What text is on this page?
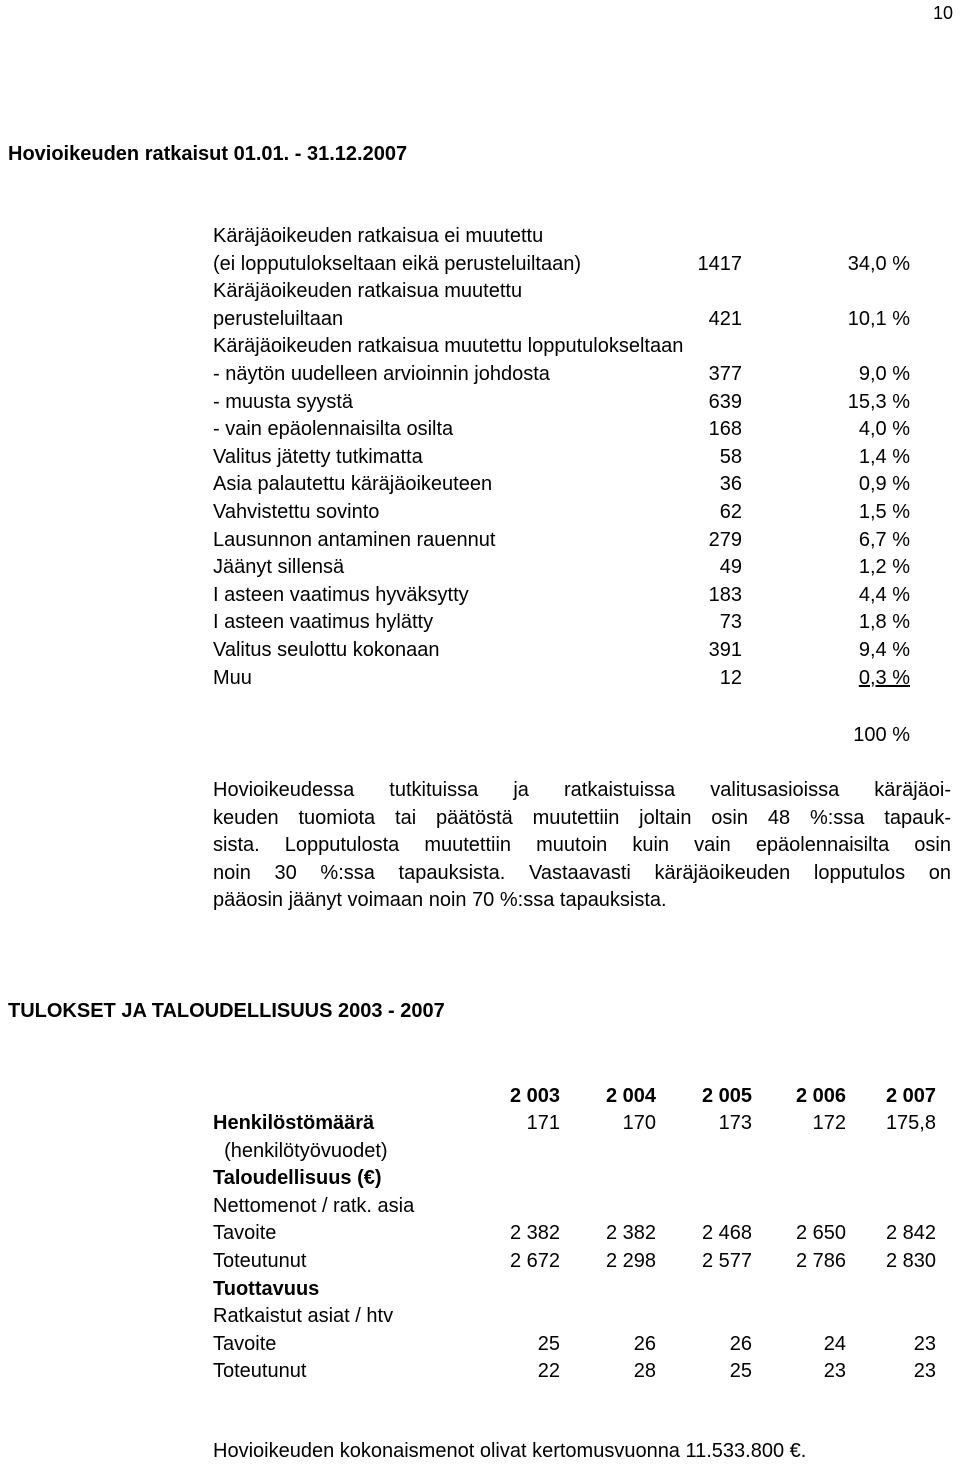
10
Hovioikeuden ratkaisut 01.01. - 31.12.2007
Käräjäoikeuden ratkaisua ei muutettu
(ei lopputulokseltaan eikä perusteluiltaan)	1417	34,0 %
Käräjäoikeuden ratkaisua muutettu
perusteluiltaan	421	10,1 %
Käräjäoikeuden ratkaisua muutettu lopputulokseltaan
- näytön uudelleen arvioinnin johdosta	377	9,0 %
- muusta syystä	639	15,3 %
- vain epäolennaisilta osilta	168	4,0 %
Valitus jätetty tutkimatta	58	1,4 %
Asia palautettu käräjäoikeuteen	36	0,9 %
Vahvistettu sovinto	62	1,5 %
Lausunnon antaminen rauennut	279	6,7 %
Jäänyt sillensä	49	1,2 %
I asteen vaatimus hyväksytty	183	4,4 %
I asteen vaatimus hylätty	73	1,8 %
Valitus seulottu kokonaan	391	9,4 %
Muu	12	0,3 %
100 %

Hovioikeudessa tutkituissa ja ratkaistuissa valitusasioissa käräjäoi-

keuden tuomiota tai päätöstä muutettiin joltain osin 48 %:ssa tapauk-

sista. Lopputulosta muutettiin muutoin kuin vain epäolennaisilta osin

noin 30 %:ssa tapauksista. Vastaavasti käräjäoikeuden lopputulos on

pääosin jäänyt voimaan noin 70 %:ssa tapauksista.

TULOKSET JA TALOUDELLISUUS 2003 - 2007
2 003	2 004	2 005	2 006	2 007
Henkilöstömäärä	171	170	173	172	175,8
(henkilötyövuodet)
Taloudellisuus (€)
Nettomenot / ratk. asia
Tavoite	2 382	2 382	2 468	2 650	2 842
Toteutunut	2 672	2 298	2 577	2 786	2 830
Tuottavuus
Ratkaistut asiat / htv
Tavoite	25	26	26	24	23
Toteutunut	22	28	25	23	23
Hovioikeuden kokonaismenot olivat kertomusvuonna 11.533.800 €.
